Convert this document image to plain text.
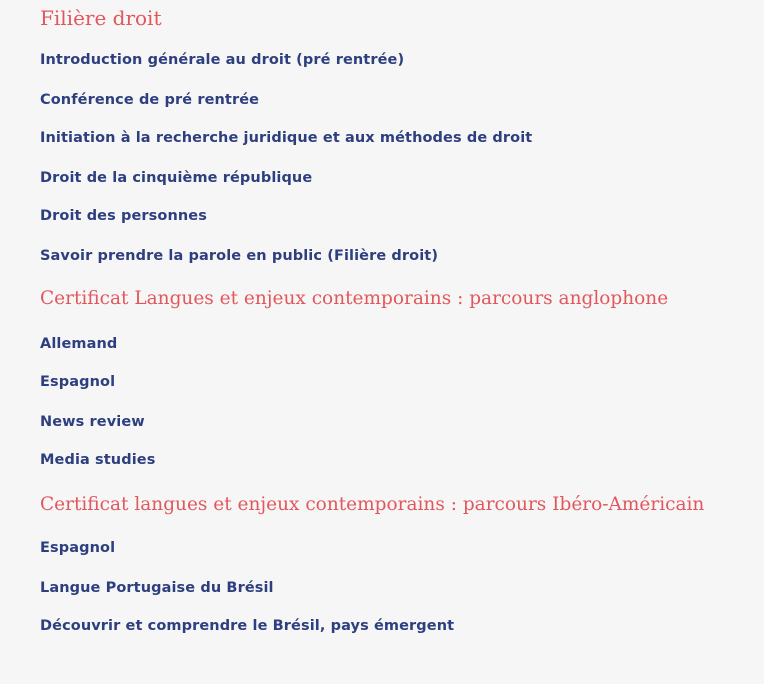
Filière droit
Introduction générale au droit (pré rentrée)
Conférence de pré rentrée
Initiation à la recherche juridique et aux méthodes de droit
Droit de la cinquième république
Droit des personnes
Savoir prendre la parole en public (Filière droit)
Certificat Langues et enjeux contemporains : parcours anglophone
Allemand
Espagnol
News review
Media studies
Certificat langues et enjeux contemporains : parcours Ibéro-Américain
Espagnol
Langue Portugaise du Brésil
Découvrir et comprendre le Brésil, pays émergent
